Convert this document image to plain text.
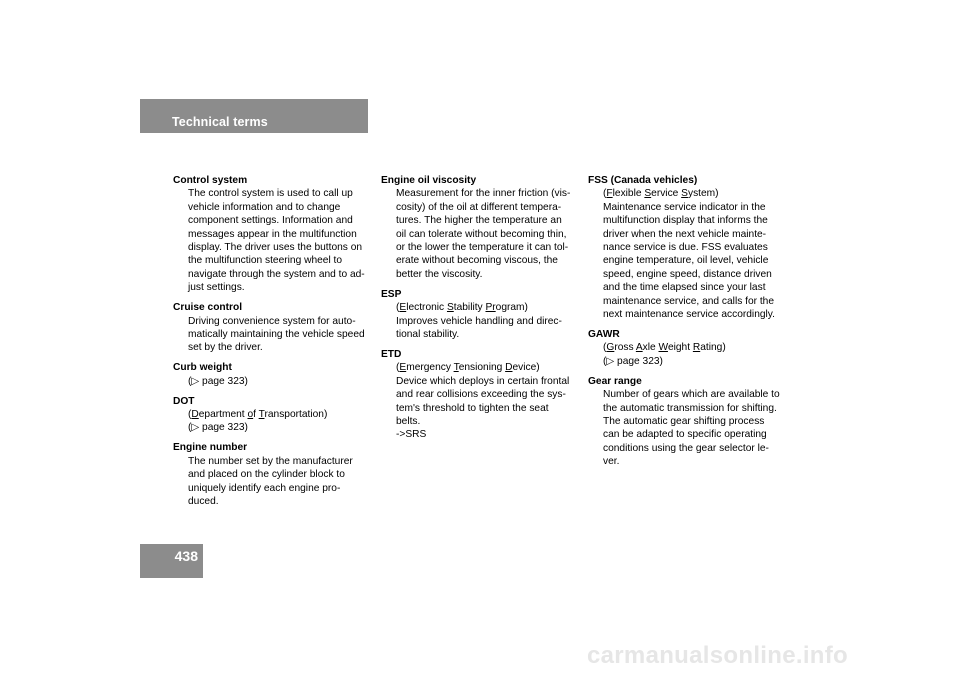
Technical terms
Control system
The control system is used to call up
vehicle information and to change
component settings. Information and
messages appear in the multifunction
display. The driver uses the buttons on
the multifunction steering wheel to
navigate through the system and to ad-
just settings.
Cruise control
Driving convenience system for auto-
matically maintaining the vehicle speed
set by the driver.
Curb weight
(▷ page 323)
DOT
(Department of Transportation)
(▷ page 323)
Engine number
The number set by the manufacturer
and placed on the cylinder block to
uniquely identify each engine pro-
duced.
Engine oil viscosity
Measurement for the inner friction (vis-
cosity) of the oil at different tempera-
tures. The higher the temperature an
oil can tolerate without becoming thin,
or the lower the temperature it can tol-
erate without becoming viscous, the
better the viscosity.
ESP
(Electronic Stability Program)
Improves vehicle handling and direc-
tional stability.
ETD
(Emergency Tensioning Device)
Device which deploys in certain frontal
and rear collisions exceeding the sys-
tem's threshold to tighten the seat
belts.
->SRS
FSS (Canada vehicles)
(Flexible Service System)
Maintenance service indicator in the
multifunction display that informs the
driver when the next vehicle mainte-
nance service is due. FSS evaluates
engine temperature, oil level, vehicle
speed, engine speed, distance driven
and the time elapsed since your last
maintenance service, and calls for the
next maintenance service accordingly.
GAWR
(Gross Axle Weight Rating)
(▷ page 323)
Gear range
Number of gears which are available to
the automatic transmission for shifting.
The automatic gear shifting process
can be adapted to specific operating
conditions using the gear selector le-
ver.
438
carmanualsonline.info
